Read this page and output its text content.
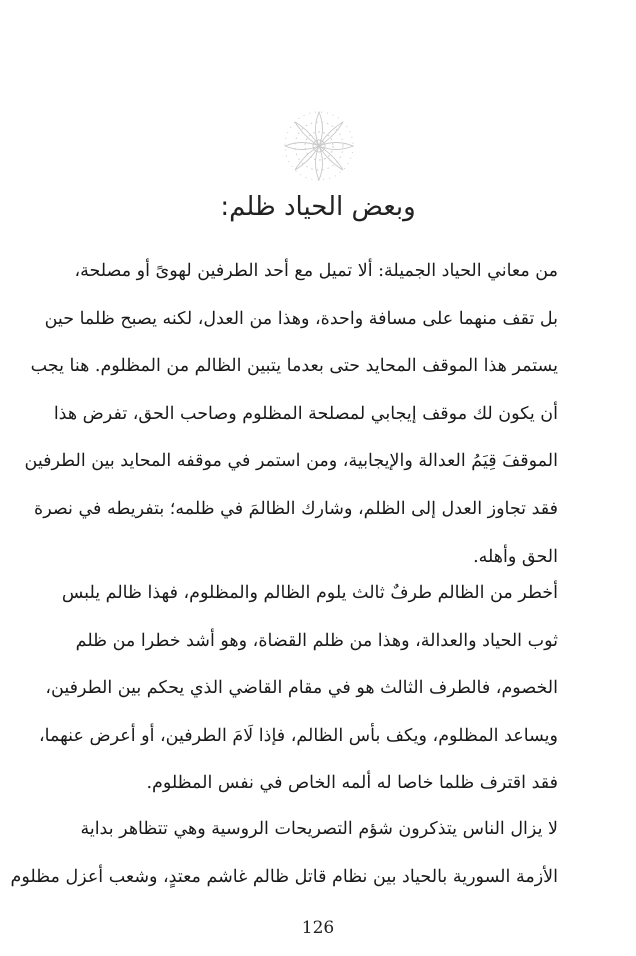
وبعض الحياد ظلم:
من معاني الحياد الجميلة: ألا تميل مع أحد الطرفين لهوىً أو مصلحة،
بل تقف منهما على مسافة واحدة، وهذا من العدل، لكنه يصبح ظلما حين
يستمر هذا الموقف المحايد حتى بعدما يتبين الظالم من المظلوم. هنا يجب
أن يكون لك موقف إيجابي لمصلحة المظلوم وصاحب الحق، تفرض هذا
الموقفَ قِيَمُ العدالة والإيجابية، ومن استمر في موقفه المحايد بين الطرفين
فقد تجاوز العدل إلى الظلم، وشارك الظالمَ في ظلمه؛ بتفريطه في نصرة
الحق وأهله.
أخطر من الظالم طرفٌ ثالث يلوم الظالم والمظلوم، فهذا ظالم يلبس
ثوب الحياد والعدالة، وهذا من ظلم القضاة، وهو أشد خطرا من ظلم
الخصوم، فالطرف الثالث هو في مقام القاضي الذي يحكم بين الطرفين،
ويساعد المظلوم، ويكف بأس الظالم، فإذا لَامَ الطرفين، أو أعرض عنهما،
فقد اقترف ظلما خاصا له ألمه الخاص في نفس المظلوم.
لا يزال الناس يتذكرون شؤم التصريحات الروسية وهي تتظاهر بداية
الأزمة السورية بالحياد بين نظام قاتل ظالم غاشم معتدٍ، وشعب أعزل مظلوم
126
